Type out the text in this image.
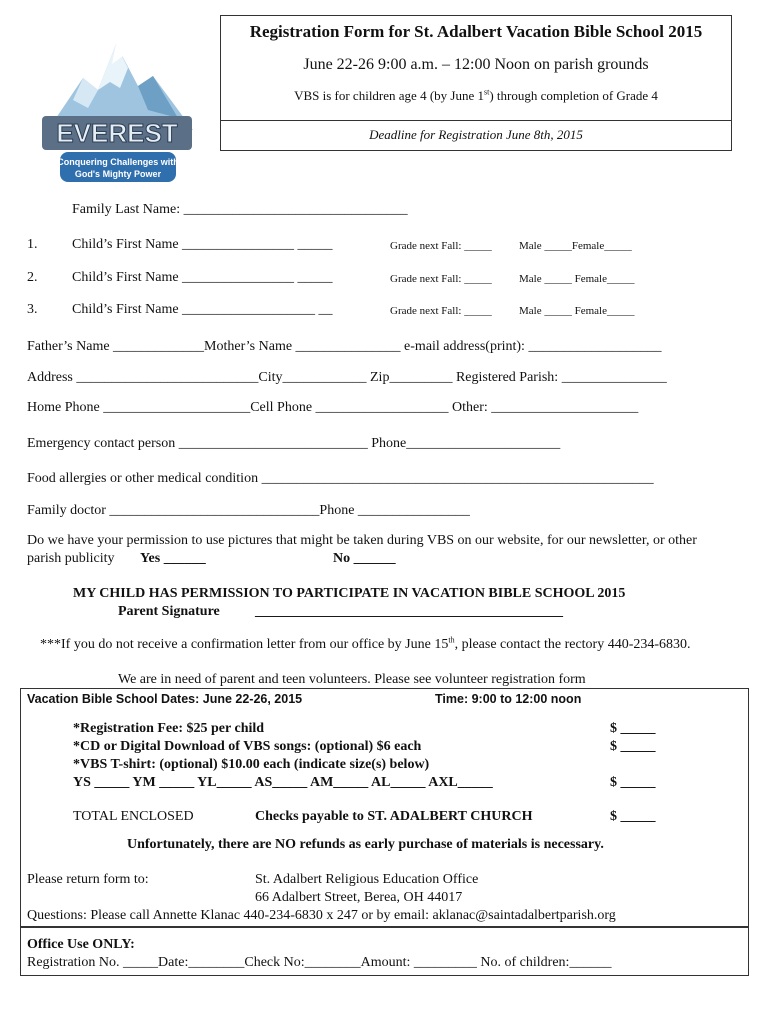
EVEREST
Conquering Challenges with
God's Mighty Power
Registration Form for St. Adalbert Vacation Bible School 2015
June 22-26 9:00 a.m. – 12:00 Noon on parish grounds
VBS is for children age 4 (by June 1st) through completion of Grade 4
Deadline for Registration June 8th, 2015
Family Last Name: ________________________________
1. Child’s First Name ________________ _____	Grade next Fall: _____ Male _____Female_____
2. Child’s First Name ________________ _____	Grade next Fall: _____ Male _____ Female_____
3. Child’s First Name ___________________ __	Grade next Fall: _____ Male _____ Female_____
Father’s Name _____________Mother’s Name _______________ e-mail address(print): ___________________
Address __________________________City____________ Zip_________ Registered Parish: _______________
Home Phone _____________________Cell Phone ___________________ Other: _____________________
Emergency contact person ___________________________ Phone______________________
Food allergies or other medical condition ________________________________________________________
Family doctor ______________________________Phone ________________
Do we have your permission to use pictures that might be taken during VBS on our website, for our newsletter, or other
parish publicity Yes ______	No ______
MY CHILD HAS PERMISSION TO PARTICIPATE IN VACATION BIBLE SCHOOL 2015
Parent Signature	____________________________________________
***If you do not receive a confirmation letter from our office by June 15th, please contact the rectory 440-234-6830.
We are in need of parent and teen volunteers. Please see volunteer registration form
Vacation Bible School Dates: June 22-26, 2015	Time: 9:00 to 12:00 noon
*Registration Fee: $25 per child	$ _____
*CD or Digital Download of VBS songs: (optional) $6 each	$ _____
*VBS T-shirt: (optional) $10.00 each (indicate size(s) below)
YS _____ YM _____ YL_____ AS_____ AM_____ AL_____ AXL_____	$ _____
TOTAL ENCLOSED	Checks payable to ST. ADALBERT CHURCH	$ _____
Unfortunately, there are NO refunds as early purchase of materials is necessary.
Please return form to:	St. Adalbert Religious Education Office
66 Adalbert Street, Berea, OH 44017
Questions: Please call Annette Klanac 440-234-6830 x 247 or by email: aklanac@saintadalbertparish.org
Office Use ONLY:
Registration No. _____Date:________Check No:________Amount: _________ No. of children:______
